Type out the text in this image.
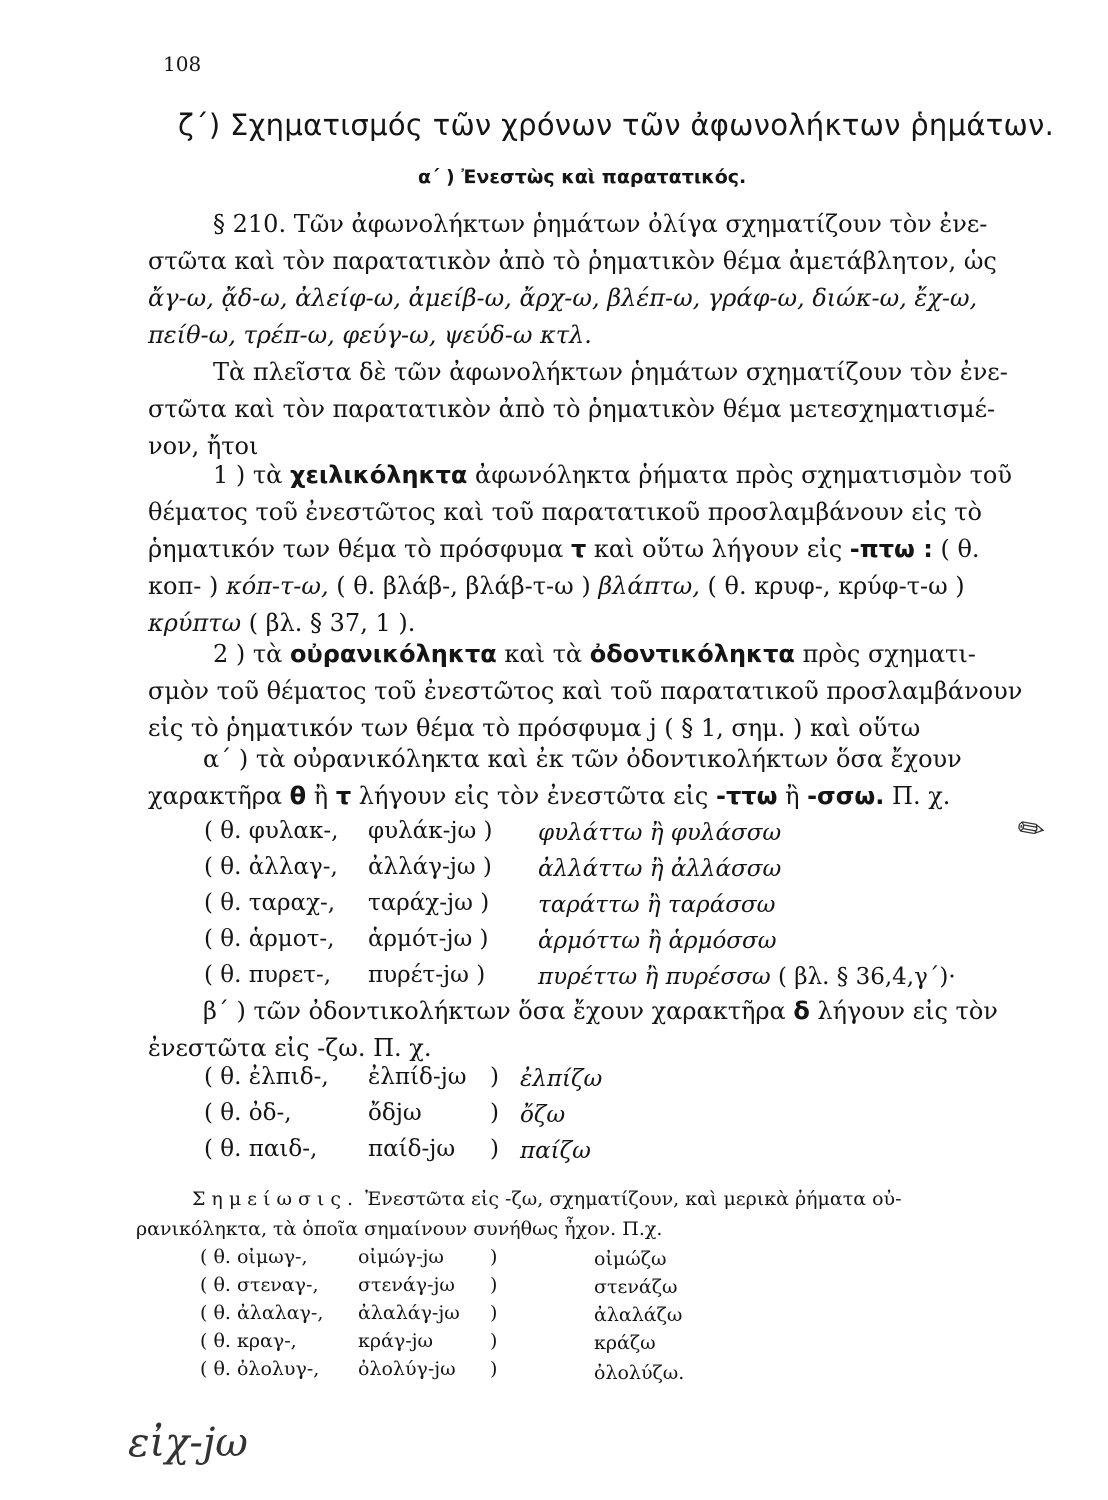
108
ζ΄) Σχηματισμός τῶν χρόνων τῶν ἀφωνολήκτων ῥημάτων.
α΄ ) Ἐνεστὼς καὶ παρατατικός.
§ 210. Τῶν ἀφωνολήκτων ῥημάτων ὀλίγα σχηματίζουν τὸν ἐνε-
στῶτα καὶ τὸν παρατατικὸν ἀπὸ τὸ ῥηματικὸν θέμα ἀμετάβλητον, ὡς
ἄγ-ω, ᾄδ-ω, ἀλείφ-ω, ἀμείβ-ω, ἄρχ-ω, βλέπ-ω, γράφ-ω, διώκ-ω, ἔχ-ω,
πείθ-ω, τρέπ-ω, φεύγ-ω, ψεύδ-ω κτλ.
Τὰ πλεῖστα δὲ τῶν ἀφωνολήκτων ῥημάτων σχηματίζουν τὸν ἐνε-
στῶτα καὶ τὸν παρατατικὸν ἀπὸ τὸ ῥηματικὸν θέμα μετεσχηματισμέ-
νον, ἤτοι
1 ) τὰ χειλικόληκτα ἀφωνόληκτα ῥήματα πρὸς σχηματισμὸν τοῦ
θέματος τοῦ ἐνεστῶτος καὶ τοῦ παρατατικοῦ προσλαμβάνουν εἰς τὸ
ῥηματικόν των θέμα τὸ πρόσφυμα τ καὶ οὕτω λήγουν εἰς -πτω : ( θ.
κοπ- ) κόπ-τ-ω, ( θ. βλάβ-, βλάβ-τ-ω ) βλάπτω, ( θ. κρυφ-, κρύφ-τ-ω )
κρύπτω ( βλ. § 37, 1 ).
2 ) τὰ οὐρανικόληκτα καὶ τὰ ὀδοντικόληκτα πρὸς σχηματι-
σμὸν τοῦ θέματος τοῦ ἐνεστῶτος καὶ τοῦ παρατατικοῦ προσλαμβάνουν
εἰς τὸ ῥηματικόν των θέμα τὸ πρόσφυμα j ( § 1, σημ. ) καὶ οὕτω
α΄ ) τὰ οὐρανικόληκτα καὶ ἐκ τῶν ὀδοντικολήκτων ὅσα ἔχουν
χαρακτῆρα θ ἢ τ λήγουν εἰς τὸν ἐνεστῶτα εἰς -ττω ἢ -σσω. Π. χ.
( θ. φυλακ-, φυλάκ-jω ) φυλάττω ἢ φυλάσσω
( θ. ἀλλαγ-, ἀλλάγ-jω ) ἀλλάττω ἢ ἀλλάσσω
( θ. ταραχ-, ταράχ-jω ) ταράττω ἢ ταράσσω
( θ. ἁρμοτ-, ἁρμότ-jω ) ἁρμόττω ἢ ἁρμόσσω
( θ. πυρετ-, πυρέτ-jω ) πυρέττω ἢ πυρέσσω ( βλ. § 36,4,γ΄)·
β΄ ) τῶν ὀδοντικολήκτων ὅσα ἔχουν χαρακτῆρα δ λήγουν εἰς τὸν
ἐνεστῶτα εἰς -ζω. Π. χ.
( θ. ἐλπιδ-, ἐλπίδ-jω ) ἐλπίζω
( θ. ὀδ-,	ὄδjω	) ὄζω
( θ. παιδ-, παίδ-jω ) παίζω
Σημείωσις. Ἐνεστῶτα εἰς -ζω, σχηματίζουν, καὶ μερικὰ ῥήματα οὐ-
ρανικόληκτα, τὰ ὁποῖα σημαίνουν συνήθως ἦχον. Π.χ.
( θ. οἰμωγ-,	οἰμώγ-jω )	οἰμώζω
( θ. στεναγ-, στενάγ-jω )	στενάζω
( θ. ἀλαλαγ-, ἀλαλάγ-jω )	ἀλαλάζω
( θ. κραγ-,	κράγ-jω	)	κράζω
( θ. ὀλολυγ-, ὀλολύγ-jω )	ὀλολύζω.
✎
εἰχ-jω
